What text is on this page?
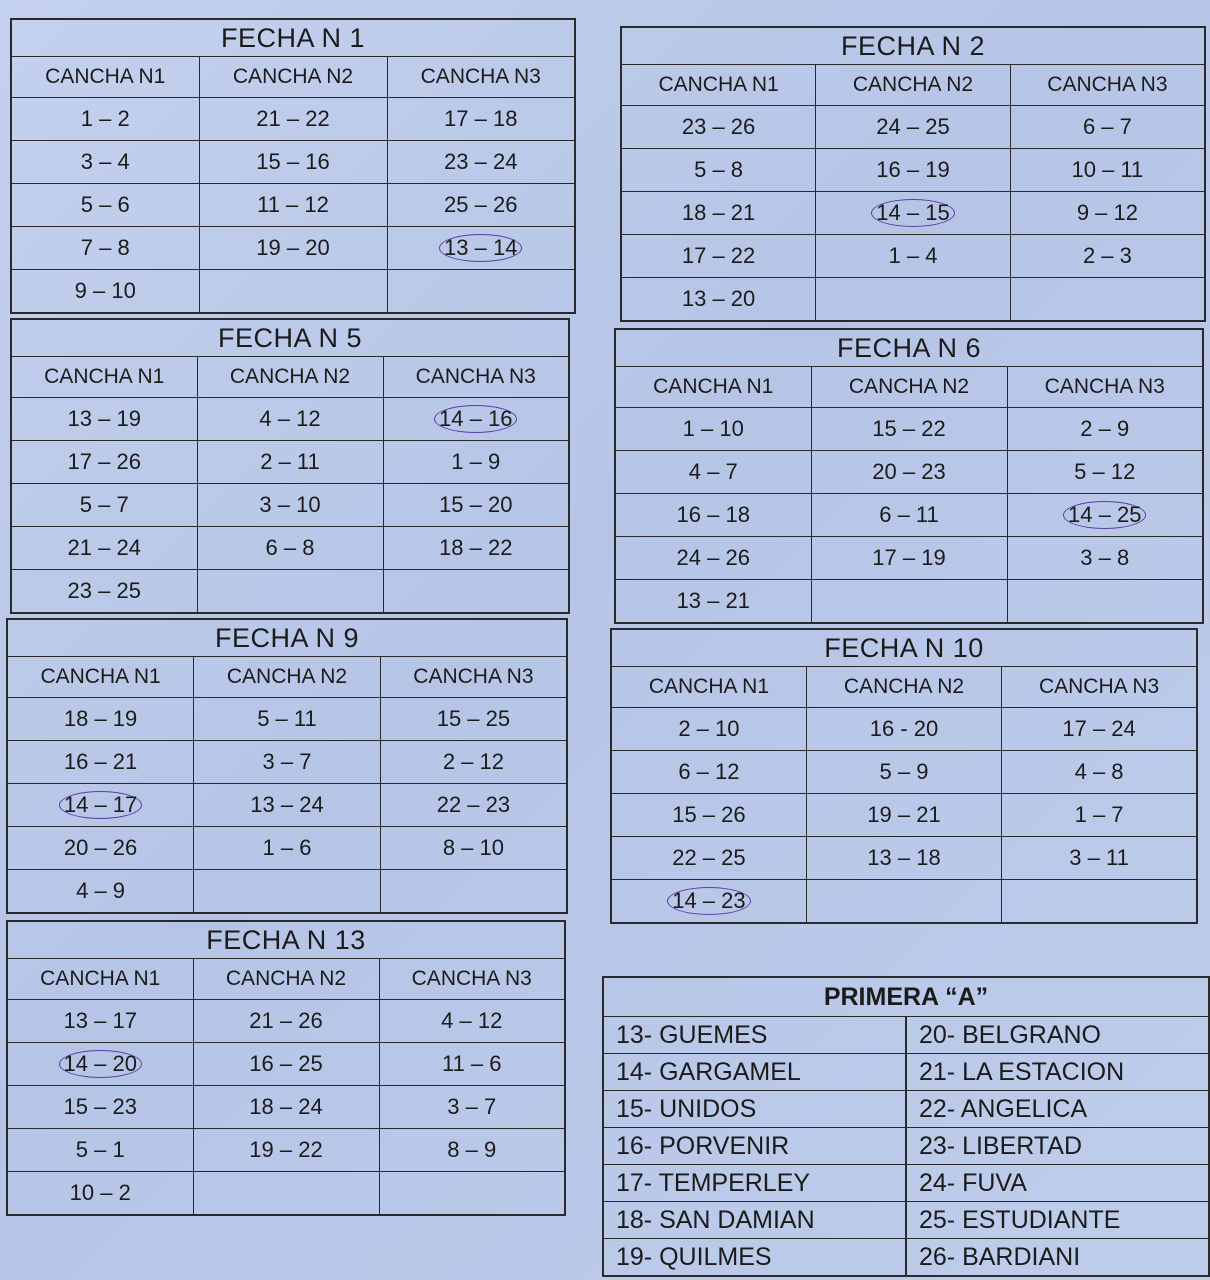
FECHA N 1		
CANCHA N1	CANCHA N2	CANCHA N3
1 – 2	21 – 22	17 – 18
3 – 4	15 – 16	23 – 24
5 – 6	11 – 12	25 – 26
7 – 8	19 – 20	13 – 14
9 – 10		
FECHA N 2		
CANCHA N1	CANCHA N2	CANCHA N3
23 – 26	24 – 25	6 – 7
5 – 8	16 – 19	10 – 11
18 – 21	14 – 15	9 – 12
17 – 22	1 – 4	2 – 3
13 – 20		
FECHA N 5		
CANCHA N1	CANCHA N2	CANCHA N3
13 – 19	4 – 12	14 – 16
17 – 26	2 – 11	1 – 9
5 – 7	3 – 10	15 – 20
21 – 24	6 – 8	18 – 22
23 – 25		
FECHA N 6		
CANCHA N1	CANCHA N2	CANCHA N3
1 – 10	15 – 22	2 – 9
4 – 7	20 – 23	5 – 12
16 – 18	6 – 11	14 – 25
24 – 26	17 – 19	3 – 8
13 – 21		
FECHA N 9		
CANCHA N1	CANCHA N2	CANCHA N3
18 – 19	5 – 11	15 – 25
16 – 21	3 – 7	2 – 12
14 – 17	13 – 24	22 – 23
20 – 26	1 – 6	8 – 10
4 – 9		
FECHA N 10		
CANCHA N1	CANCHA N2	CANCHA N3
2 – 10	16 - 20	17 – 24
6 – 12	5 – 9	4 – 8
15 – 26	19 – 21	1 – 7
22 – 25	13 – 18	3 – 11
14 – 23		
FECHA N 13		
CANCHA N1	CANCHA N2	CANCHA N3
13 – 17	21 – 26	4 – 12
14 – 20	16 – 25	11 – 6
15 – 23	18 – 24	3 – 7
5 – 1	19 – 22	8 – 9
10 – 2		
PRIMERA “A”	
13- GUEMES	20- BELGRANO
14- GARGAMEL	21- LA ESTACION
15- UNIDOS	22- ANGELICA
16- PORVENIR	23- LIBERTAD
17- TEMPERLEY	24- FUVA
18- SAN DAMIAN	25- ESTUDIANTE
19- QUILMES	26- BARDIANI
